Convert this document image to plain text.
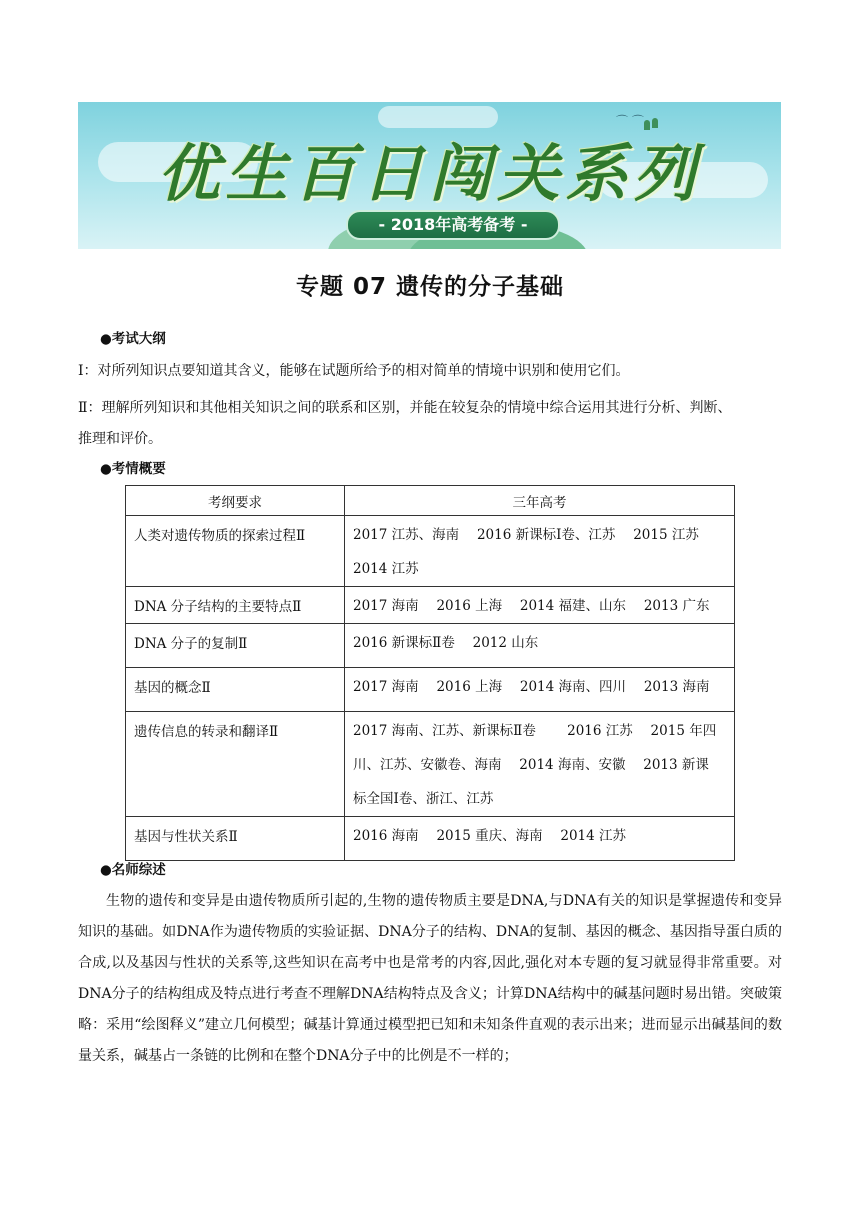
⌒ ⌒
优生百日闯关系列
- 2018年高考备考 -
专题 07 遗传的分子基础
●考试大纲
Ⅰ：对所列知识点要知道其含义，能够在试题所给予的相对简单的情境中识别和使用它们。
Ⅱ：理解所列知识和其他相关知识之间的联系和区别，并能在较复杂的情境中综合运用其进行分析、判断、
推理和评价。
●考情概要
考纲要求	三年高考
人类对遗传物质的探索过程Ⅱ	2017 江苏、海南　 2016 新课标Ⅰ卷、江苏　 2015 江苏
2014 江苏

DNA 分子结构的主要特点Ⅱ	2017 海南　 2016 上海　 2014 福建、山东　 2013 广东

DNA 分子的复制Ⅱ	2016 新课标Ⅱ卷　 2012 山东

基因的概念Ⅱ	2017 海南　 2016 上海　 2014 海南、四川　 2013 海南

遗传信息的转录和翻译Ⅱ	2017 海南、江苏、新课标Ⅱ卷　　 2016 江苏　 2015 年四
川、江苏、安徽卷、海南　 2014 海南、安徽　 2013 新课
标全国Ⅰ卷、浙江、江苏

基因与性状关系Ⅱ	2016 海南　 2015 重庆、海南　 2014 江苏
●名师综述
生物的遗传和变异是由遗传物质所引起的,生物的遗传物质主要是DNA,与DNA有关的知识是掌握遗传和变异知识的基础。如DNA作为遗传物质的实验证据、DNA分子的结构、DNA的复制、基因的概念、基因指导蛋白质的合成,以及基因与性状的关系等,这些知识在高考中也是常考的内容,因此,强化对本专题的复习就显得非常重要。对DNA分子的结构组成及特点进行考查不理解DNA结构特点及含义；计算DNA结构中的碱基问题时易出错。突破策略：采用“绘图释义”建立几何模型；碱基计算通过模型把已知和未知条件直观的表示出来；进而显示出碱基间的数量关系，碱基占一条链的比例和在整个DNA分子中的比例是不一样的；
